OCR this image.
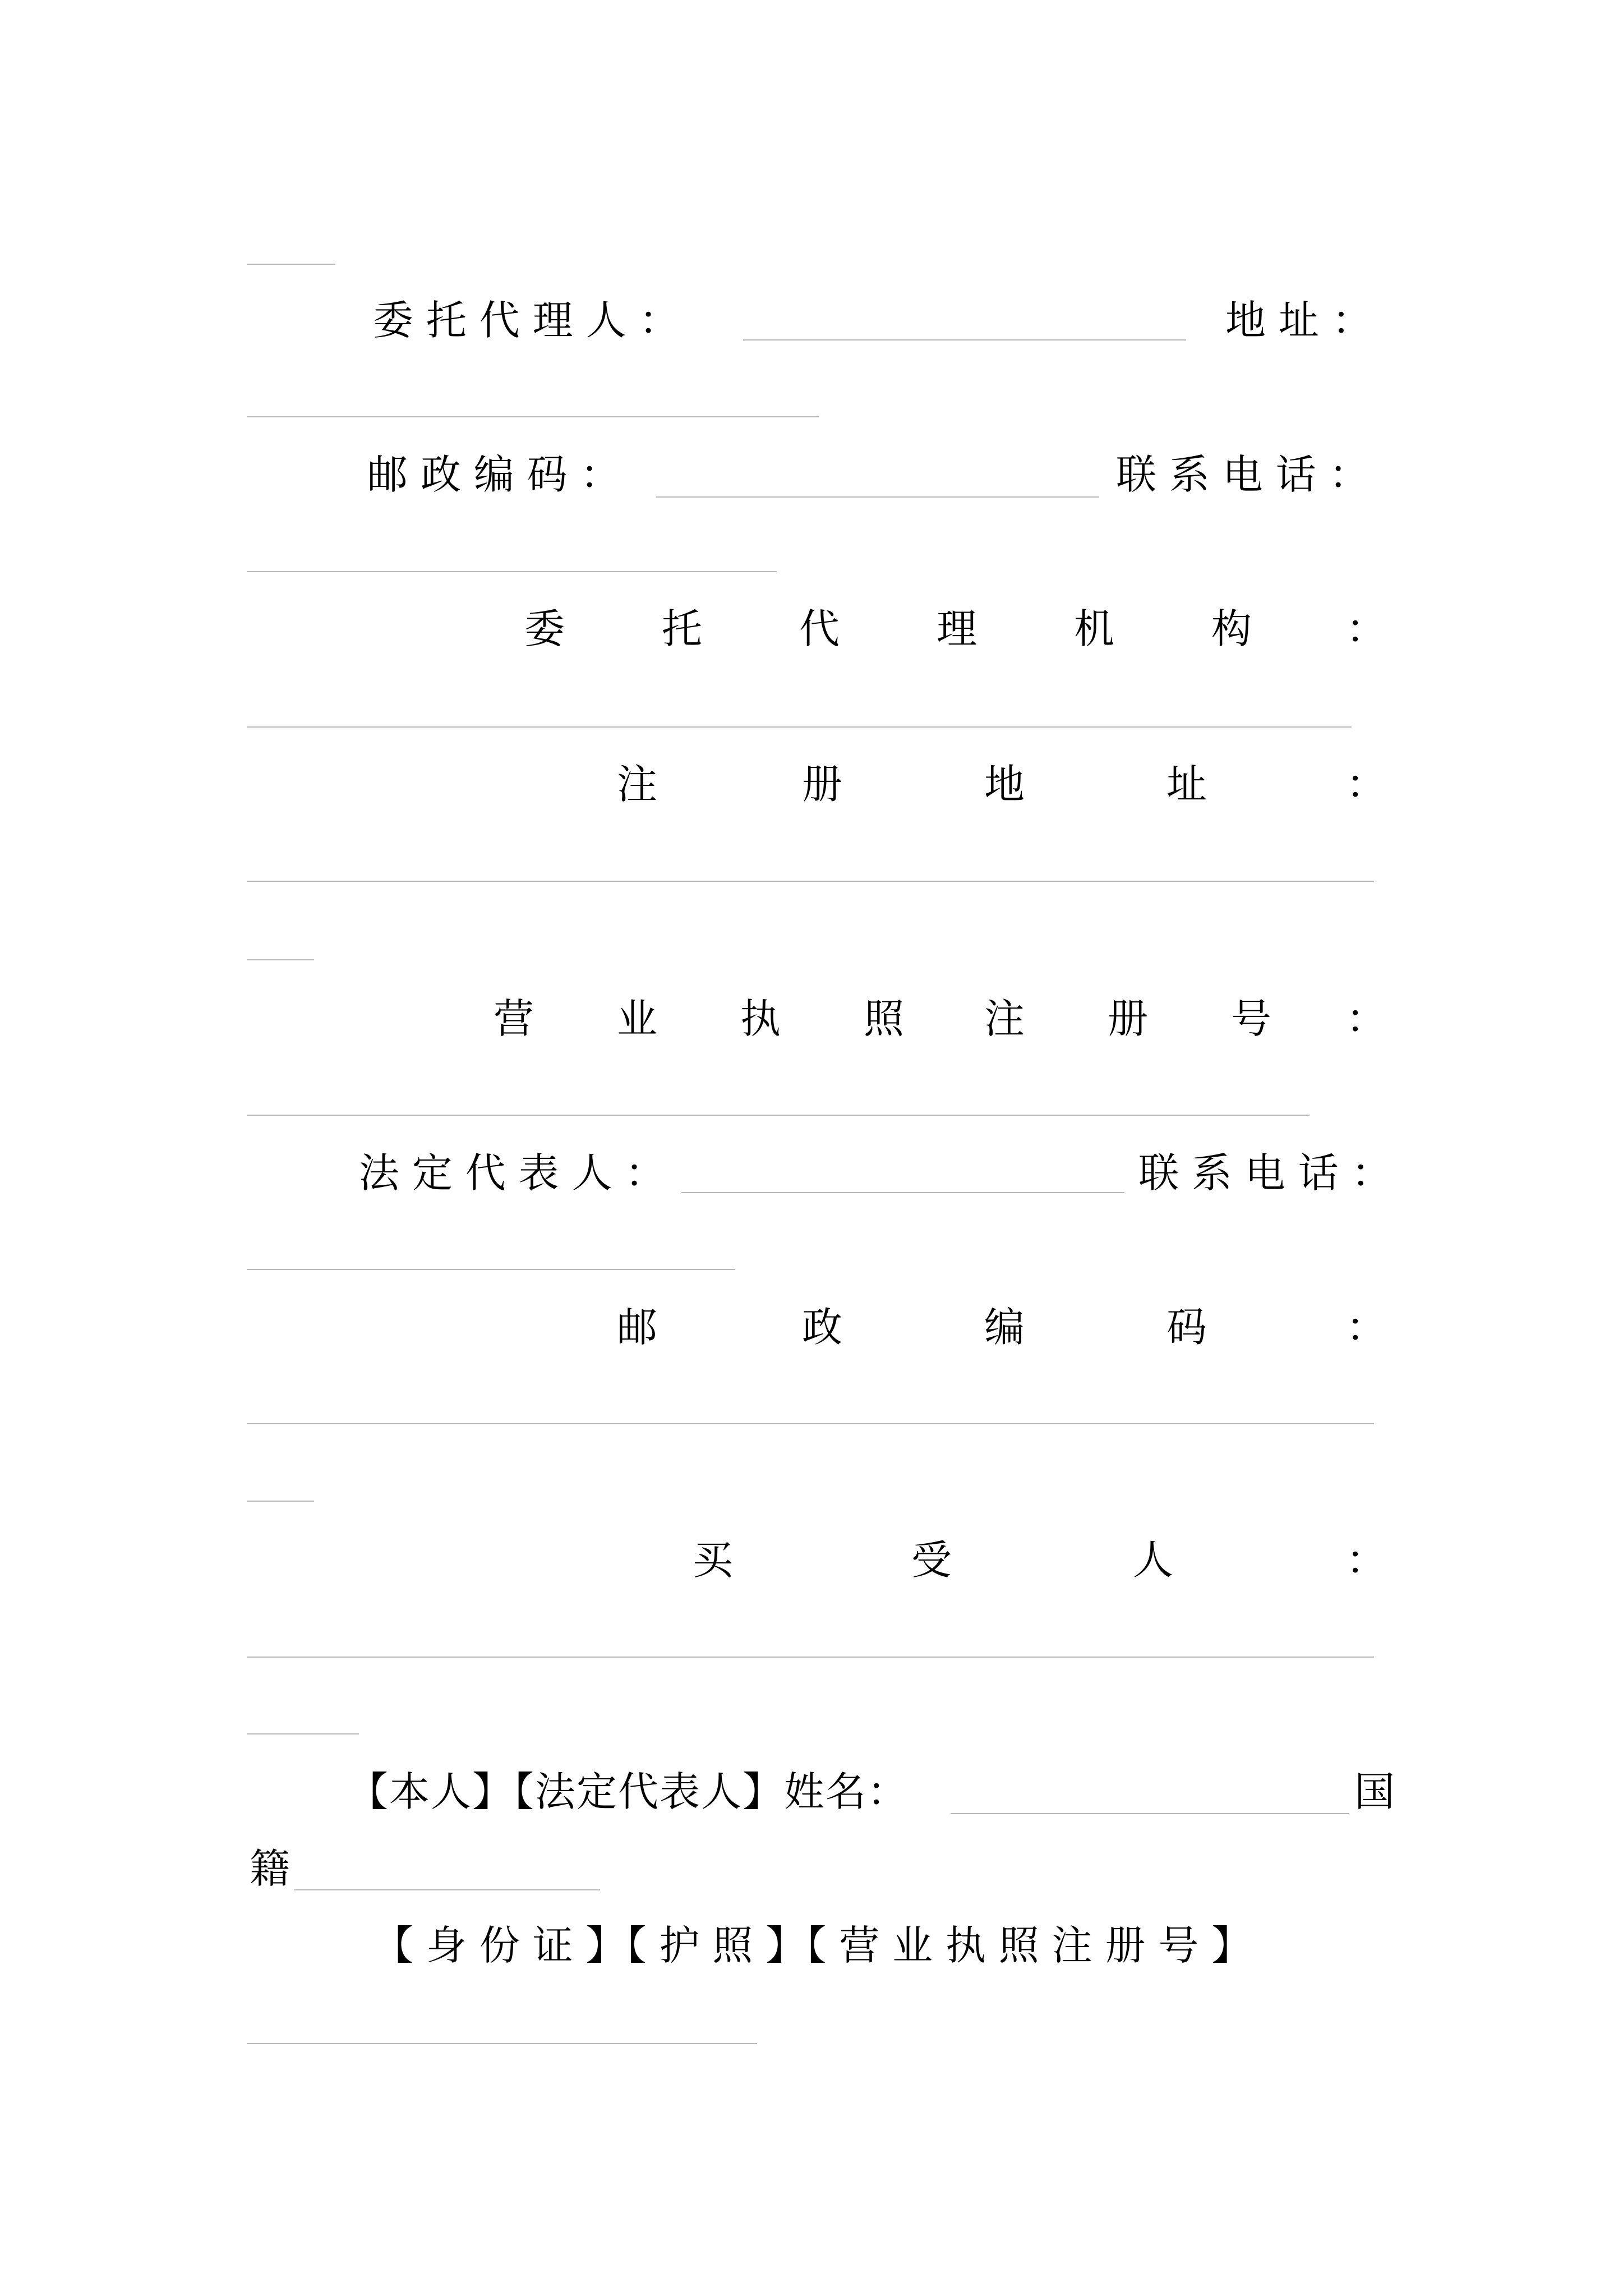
委 托 代 理 人 ：	地 址 ：
邮 政 编 码 ：	联 系 电 话 ：
委 托 代 理 机 构 ：
注	册	地	址	：
营 业 执 照 注 册 号 ：
法 定 代 表 人 ：	联 系 电 话 ：
邮	政	编	码	：
买	受	人	：
【本人】【法定代表人】姓名：	国
籍
【 身 份 证 】【 护 照 】【 营 业 执 照 注 册 号 】
